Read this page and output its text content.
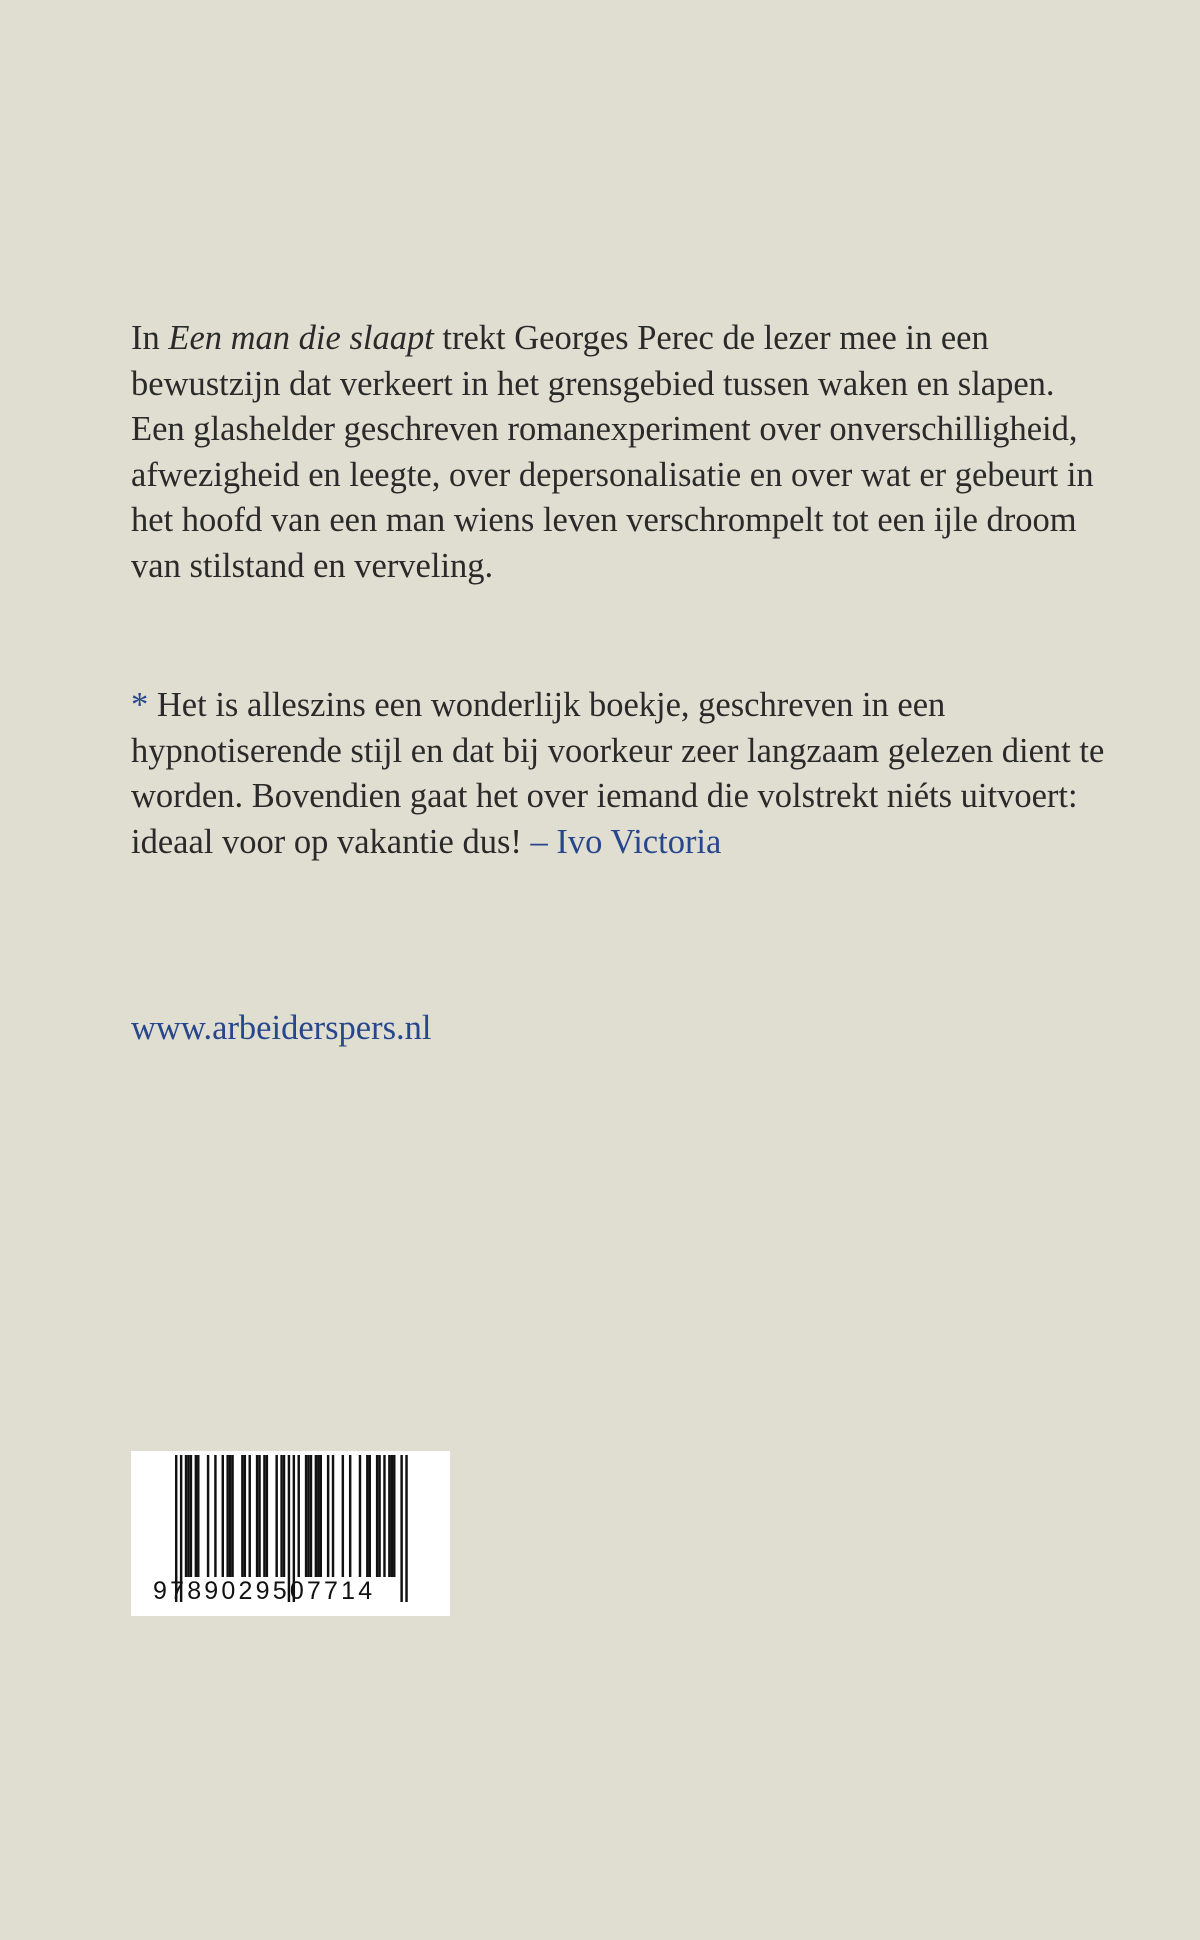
In Een man die slaapt trekt Georges Perec de lezer mee in een bewustzijn dat verkeert in het grensgebied tussen waken en slapen. Een glashelder geschreven romanexperiment over onverschilligheid, afwezigheid en leegte, over depersonalisatie en over wat er gebeurt in het hoofd van een man wiens leven verschrompelt tot een ijle droom van stilstand en verveling.

* Het is alleszins een wonderlijk boekje, geschreven in een hypnotiserende stijl en dat bij voorkeur zeer langzaam gelezen dient te worden. Bovendien gaat het over iemand die volstrekt niéts uitvoert: ideaal voor op vakantie dus! – Ivo Victoria

www.arbeiderspers.nl

9789029507714
